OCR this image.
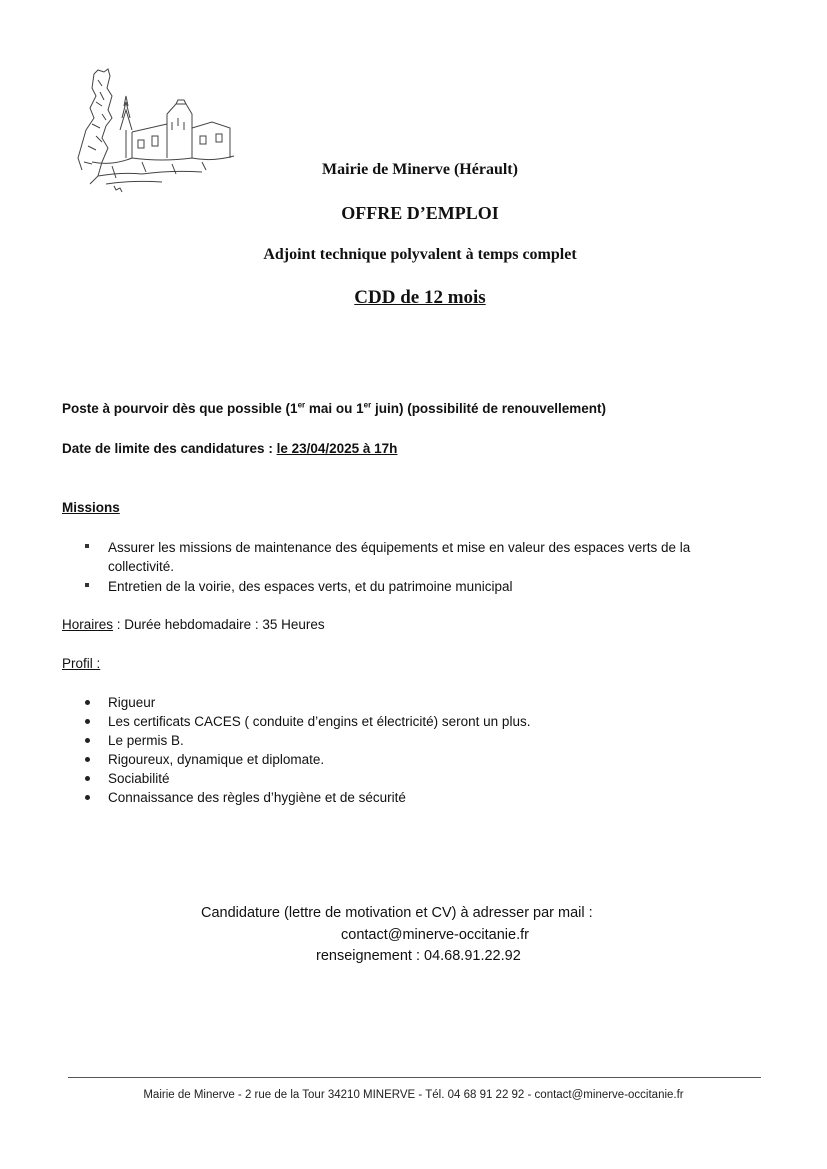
Mairie de Minerve (Hérault)
OFFRE D’EMPLOI
Adjoint technique polyvalent à temps complet
CDD de 12 mois
Poste à pourvoir dès que possible (1er mai ou 1er juin) (possibilité de renouvellement)
Date de limite des candidatures : le 23/04/2025 à 17h
Missions
Assurer les missions de maintenance des équipements et mise en valeur des espaces verts de la collectivité.
Entretien de la voirie, des espaces verts, et du patrimoine municipal
Horaires : Durée hebdomadaire : 35 Heures
Profil :
Rigueur
Les certificats CACES ( conduite d’engins et électricité) seront un plus.
Le permis B.
Rigoureux, dynamique et diplomate.
Sociabilité
Connaissance des règles d’hygiène et de sécurité
Candidature (lettre de motivation et CV) à adresser par mail :
contact@minerve-occitanie.fr
renseignement : 04.68.91.22.92
Mairie de Minerve - 2 rue de la Tour 34210 MINERVE - Tél. 04 68 91 22 92 - contact@minerve-occitanie.fr
